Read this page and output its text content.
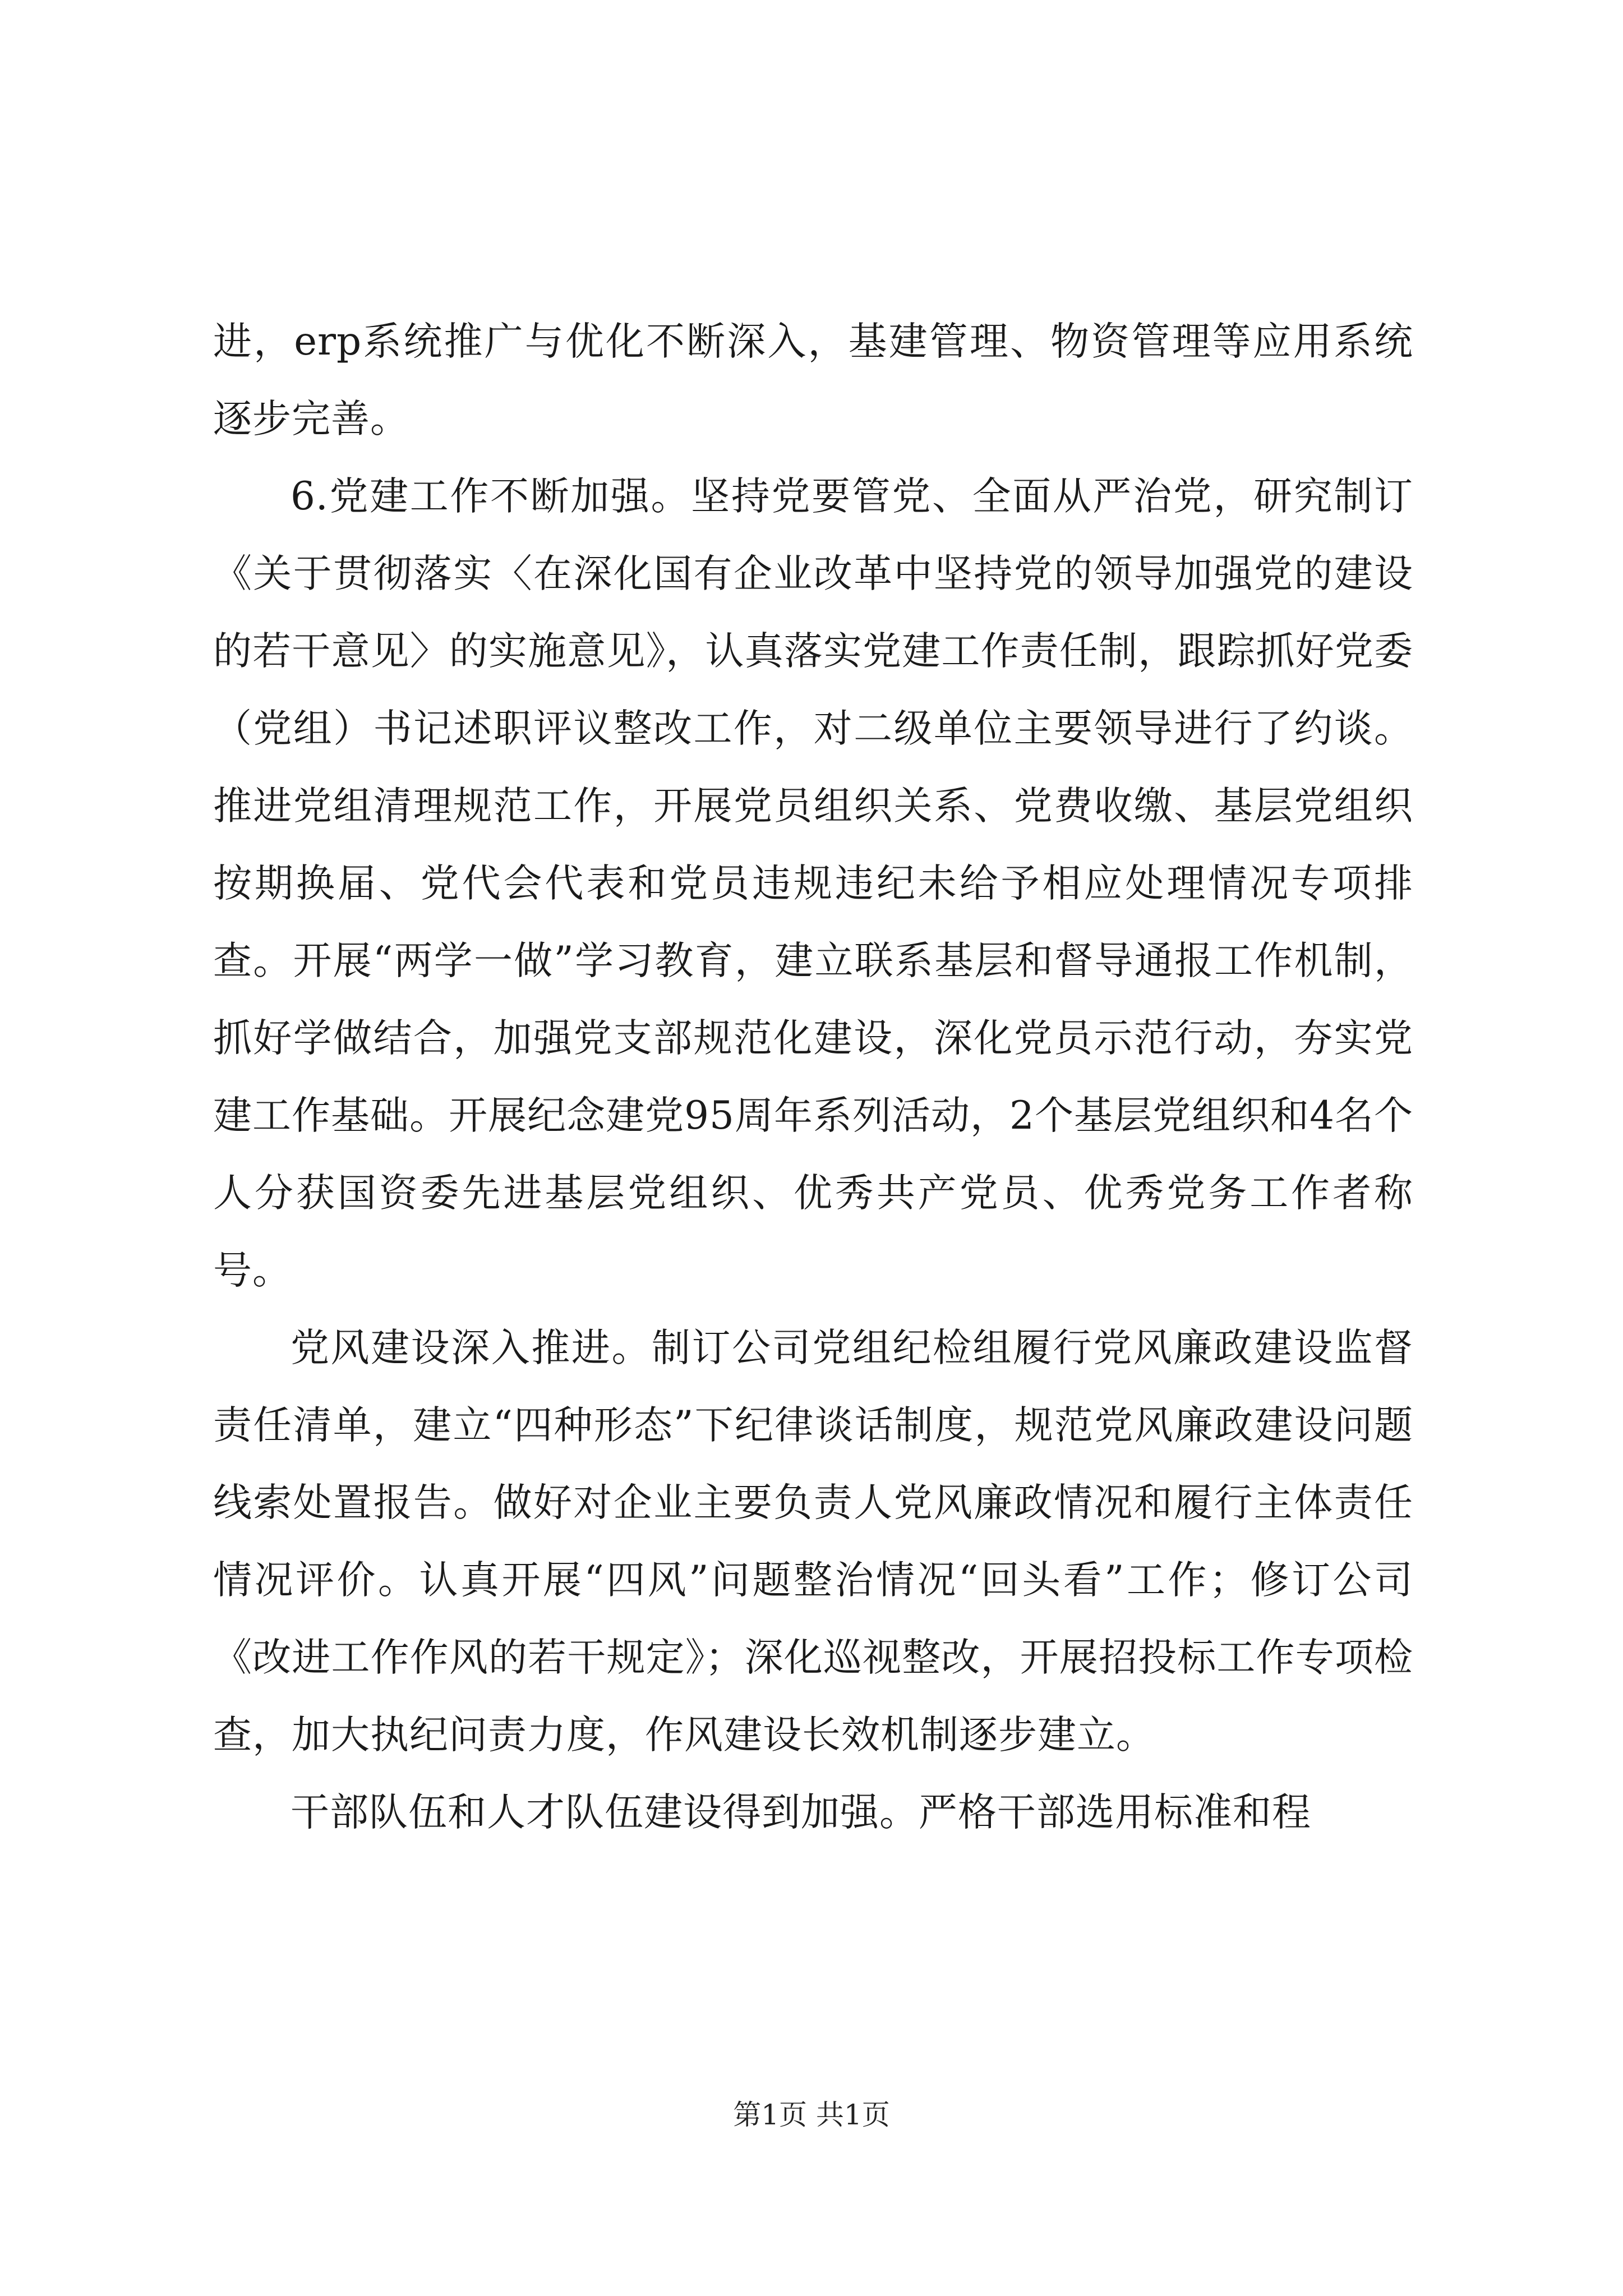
进，erp系统推广与优化不断深入，基建管理、物资管理等应用系统逐步完善。

6.党建工作不断加强。坚持党要管党、全面从严治党，研究制订《关于贯彻落实〈在深化国有企业改革中坚持党的领导加强党的建设的若干意见〉的实施意见》，认真落实党建工作责任制，跟踪抓好党委（党组）书记述职评议整改工作，对二级单位主要领导进行了约谈。推进党组清理规范工作，开展党员组织关系、党费收缴、基层党组织按期换届、党代会代表和党员违规违纪未给予相应处理情况专项排查。开展“两学一做”学习教育，建立联系基层和督导通报工作机制，抓好学做结合，加强党支部规范化建设，深化党员示范行动，夯实党建工作基础。开展纪念建党95周年系列活动，2个基层党组织和4名个人分获国资委先进基层党组织、优秀共产党员、优秀党务工作者称号。

党风建设深入推进。制订公司党组纪检组履行党风廉政建设监督责任清单，建立“四种形态”下纪律谈话制度，规范党风廉政建设问题线索处置报告。做好对企业主要负责人党风廉政情况和履行主体责任情况评价。认真开展“四风”问题整治情况“回头看”工作；修订公司《改进工作作风的若干规定》；深化巡视整改，开展招投标工作专项检查，加大执纪问责力度，作风建设长效机制逐步建立。

干部队伍和人才队伍建设得到加强。严格干部选用标准和程

第1页 共1页
